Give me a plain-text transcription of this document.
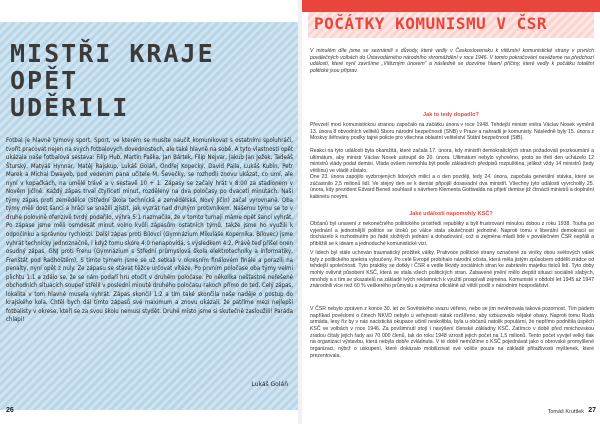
MISTŘI KRAJE OPĚT
UDĚRILI

Fotbal je hlavně týmový sport. Sport, ve kterém se musíte naučit komunikovat s ostatními spoluhráči, tvořit pracovat nejen na svých fotbalových dovednostech, ale také hlavně na sobě. A tyto vlastnosti opět ukázala naše fotbalová sestava: Filip Hub, Martin Paška, Jan Bártek, Filip Nejvar, Jakub Jan Ježek, Tadeáš Šturský, Matyáš Hynnar, Matěj Rajskup, Lukáš Goláň, Ondřej Kopecký, David Palla, Lukáš Kubín, Petr Marek a Michal Dwayeb, pod vedením pana učitele M. Ševečky, se rozhodli znovu ukázat, co umí, ale nyní v kopačkách, na umělé trávě a v sestavě 10 + 1. Zápasy se začaly hrát v 8:00 za stadionem v Nověm Jičíně. Každý zápas trval čtyřiceti minut, rozdělený na dva poločasy po dvaceti minutách. Naši týmy zápas proti zemědělce (Střední škola technická a zemědělská, Nový Jičín) začal vyrovnaně. Oba týmy měli dost šancí a hráči se snažili zjistit, jak vyzrát nad druhým protivníkem. Našemu týmu se to v druhé polovině ofenzivě tvrdý podařilo, výhra 5:1 nazmačila, že v tomto turnaji máme opět šanci vyhrát. Po zápase jsme měli osmdesát minut volno kvůli zápasům ostatních týmů, takže jsme ho využili k odpočinku a správnou rychlosti. Další zápas proti Bílovci (Gymnázium Mikuláše Kopernika, Bílovec) jsme vyhrát technicky jednoznačně, i když tomu skóre 4:0 nenapovídá, s výsledkem 4:2. Právě teď přišel onen osudný zápas. GNJ proti Frenu (Gymnázium s Střední průmyslová škola elektrotechniky a informatiky, Frenštát pod Radhoštěm), S tímto týmem jsme se už setkali v okresním finálovém finále a porazili na penalty, nyní opět z nuly. Ze zápasu se stávat těžce určovat vítěze. Po prvním poločase oba týmy velmi plichtu 1:1 a zdálo se, že se nám podaří hru otočit v druhém poločase. Po několika nešťastné neřešené obchodních situacích soupeř střelil v poslední minutě druhého poločasu rakoch přímo do teď. Celý zápas, lokalita v tom hlavně musela vyhrát. Zápas skončil 1:2 a tím také skončila naše naděje o postup do krajského kola. Chtěl bych dál tímto zápasů své maximum a znovu ukázali, že patříme mezi nejlepší fotbalisty v okrese, kteří se za svou školu nemusí stydět. Druhé místo jsme si skutečně zasloužili! Paráda chlapi!

Lukáš Goláň
26
POČÁTKY KOMUNISMU V ČSR

V minulém díle jsme se seznámili s důvody, které vedly v Československu k vítězství komunistické strany v prvních poválečných volbách do Ústavodárného národního shromáždění v roce 1946. V tomto pokračování navážeme na předchozí události, které nyní završíme „Vítězným únorem“ a následně se dozvíme hlavní příčiny, které vedly k počátku totalitní politické jsou příprav.

Jak to tedy dopadlo?

Převzetí moci komunistickou stranou započalo na začátku února v roce 1948. Tehdejší ministr vnitra Václav Nosek vyměnil 13. února 8 obvodních velitelů Sboru národní bezpečnosti (SNB) v Praze a nahradil je komunisty. Následně byly 15. února z Moskvy šéfovány poslky tajné policie pro všechna oblastní velitelství Státní bezpečnosti (StB).

Reakci na tyto události byla okamžitá, které začala 17. února, kdy ministři demokratických stran požadovali prozkoumání a ultimátum, aby ministr Václav Nosek ustoupil do 20. února. Ultimátum nebylo vyhověno, proto se třetí den ucházelo 12 ministrů vlády podat demisi. Vláda ovšem nemohla být podle základních předpisů rozpuštěna, jelikož vždy 14 ministrů (tedy většinu) ve vládě zůstalo.

Dne 23. února zapojilo vyzbrojených lidových milicí a o den později, tedy 24. února, započala generální stávka, které se zúčastnilo 2,5 milionů lidí. Ve stejný den se k demisi připojili dosavadní dva ministři. Všechny tyto události vyvrcholily 25. února, kdy prezident Edvard Beneš souhlasil s návrhem Klementa Gottwalda na přijetí demise již čtrnácti ministrů a doplnění kabinetu novými.

Jaké události napomohly KSČ?

Občanů byl unavení z nekonečného politického prostředí republiky a byli frustrovaní minulou dobou z roku 1938. Touha po vyjednání a jednotnější politice se útoků po válce stala skutečností jednotné. Naproti tomu v liberální demokracii se docházelo k rozhodnutím po řadě složitých jednání a dohadování, což si zejména mladí lidé v poválečném ČSR nepřáli a přiblížili se k ideám a jednoduché komunistické vizi.

V lidech byl stále uchován traumatický prožitek války. Prativoce politické strany označené za viníky obou světových válek byly z politického spektra vyloučeny. Po celé Evropě probíhalo národní očista, která měla jistým způsobem oddělit zrádce od tehdejší společnosti. Tyto praktiky se dotkly i ČSR a vedle likvidy sociálních stran ke zabráněn majetku tisíců lidí. Tyto doby mohly ovlivnit působení KSČ, která se stala všech politických stran. Zabavené jmění mělo zlepšit situaci sociálně slabých, mnohdy a s tím se ukazatelů na základě lvých reklamních k využití prospívali zejména. Komunisté v období let 1945 až 1947 znárodnili více než 60 % veškerého průmyslu a zejména oficiálně až větší podíl v národním hospodářství.

V ČSR nebylo zpráven z konce 30. let ze Sovětského svazu věřeno, nebo se jim nevěnovala taková pozornost. Tím pádem napříkad povědomí o činech NKVD nebylo u veřejnosti nátak rozšířeno, aby vzbuzovalo nějaké obavy. Naproti tomu Rudá armáda, lesy říz by v nás nacistická okupace učinil neskolibla, byla u občanů natolik populární, že nepřímo podnítila úspěch KSČ ve volbách v roce 1946. Za povšimnutí stojí i navýšení členské základny KSČ. Zatímco v době před mnichovskou zradou čítaly jejich řady asi 70 000 členů, tak do roku 1948 vzrostl jejich počet na 1,5 milionů. Tento počet vyvijel velký tlak na organizaci výstavbu, která nebyla dobře zvládnuta. V té době nemůžíme o KSČ pojednávat jako o obrovské promyšlené organizaci, nýbrž o uskupení, které dokázalo mobilizovat své voliče pouze na základě přitažlivosti myšlenek, které prezentovala.

Tomáš Kruttlek 27
